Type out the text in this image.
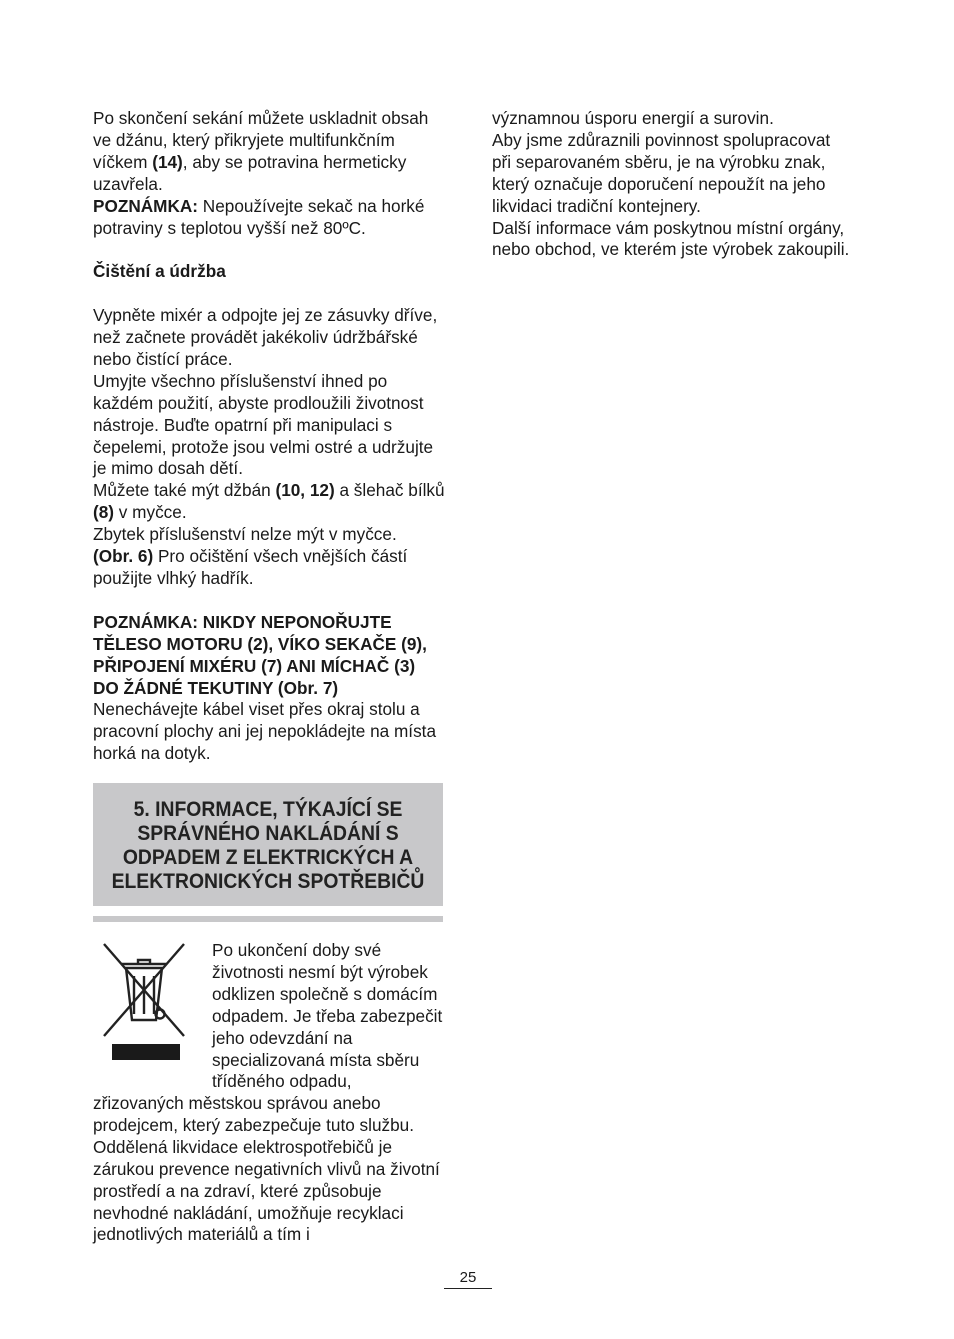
Po skončení sekání můžete uskladnit obsah ve džánu, který přikryjete multifunkčním víčkem (14), aby se potravina hermeticky uzavřela.

POZNÁMKA: Nepoužívejte sekač na horké potraviny s teplotou vyšší než 80ºC.

Čištění a údržba

Vypněte mixér a odpojte jej ze zásuvky dříve, než začnete provádět jakékoliv údržbářské nebo čistící práce.

Umyjte všechno příslušenství ihned po každém použití, abyste prodloužili životnost nástroje. Buďte opatrní při manipulaci s čepelemi, protože jsou velmi ostré a udržujte je mimo dosah dětí.

Můžete také mýt džbán (10, 12) a šlehač bílků (8) v myčce.

Zbytek příslušenství nelze mýt v myčce.

(Obr. 6) Pro očištění všech vnějších částí použijte vlhký hadřík.

POZNÁMKA: NIKDY NEPONOŘUJTE TĚLESO MOTORU (2), VÍKO SEKAČE (9), PŘIPOJENÍ MIXÉRU (7) ANI MÍCHAČ (3) DO ŽÁDNÉ TEKUTINY (Obr. 7)

Nenechávejte kábel viset přes okraj stolu a pracovní plochy ani jej nepokládejte na místa horká na dotyk.

5. INFORMACE, TÝKAJÍCÍ SE SPRÁVNÉHO NAKLÁDÁNÍ S ODPADEM Z ELEKTRICKÝCH A ELEKTRONICKÝCH SPOTŘEBIČŮ
Po ukončení doby své životnosti nesmí být výrobek odklizen společně s domácím odpadem. Je třeba zabezpečit jeho odevzdání na specializovaná místa sběru tříděného odpadu,
zřizovaných městskou správou anebo prodejcem, který zabezpečuje tuto službu. Oddělená likvidace elektrospotřebičů je zárukou prevence negativních vlivů na životní prostředí a na zdraví, které způsobuje nevhodné nakládání, umožňuje recyklaci jednotlivých materiálů a tím i

významnou úsporu energií a surovin.

Aby jsme zdůraznili povinnost spolupracovat při separovaném sběru, je na výrobku znak, který označuje doporučení nepoužít na jeho likvidaci tradiční kontejnery.

Další informace vám poskytnou místní orgány, nebo obchod, ve kterém jste výrobek zakoupili.

25
